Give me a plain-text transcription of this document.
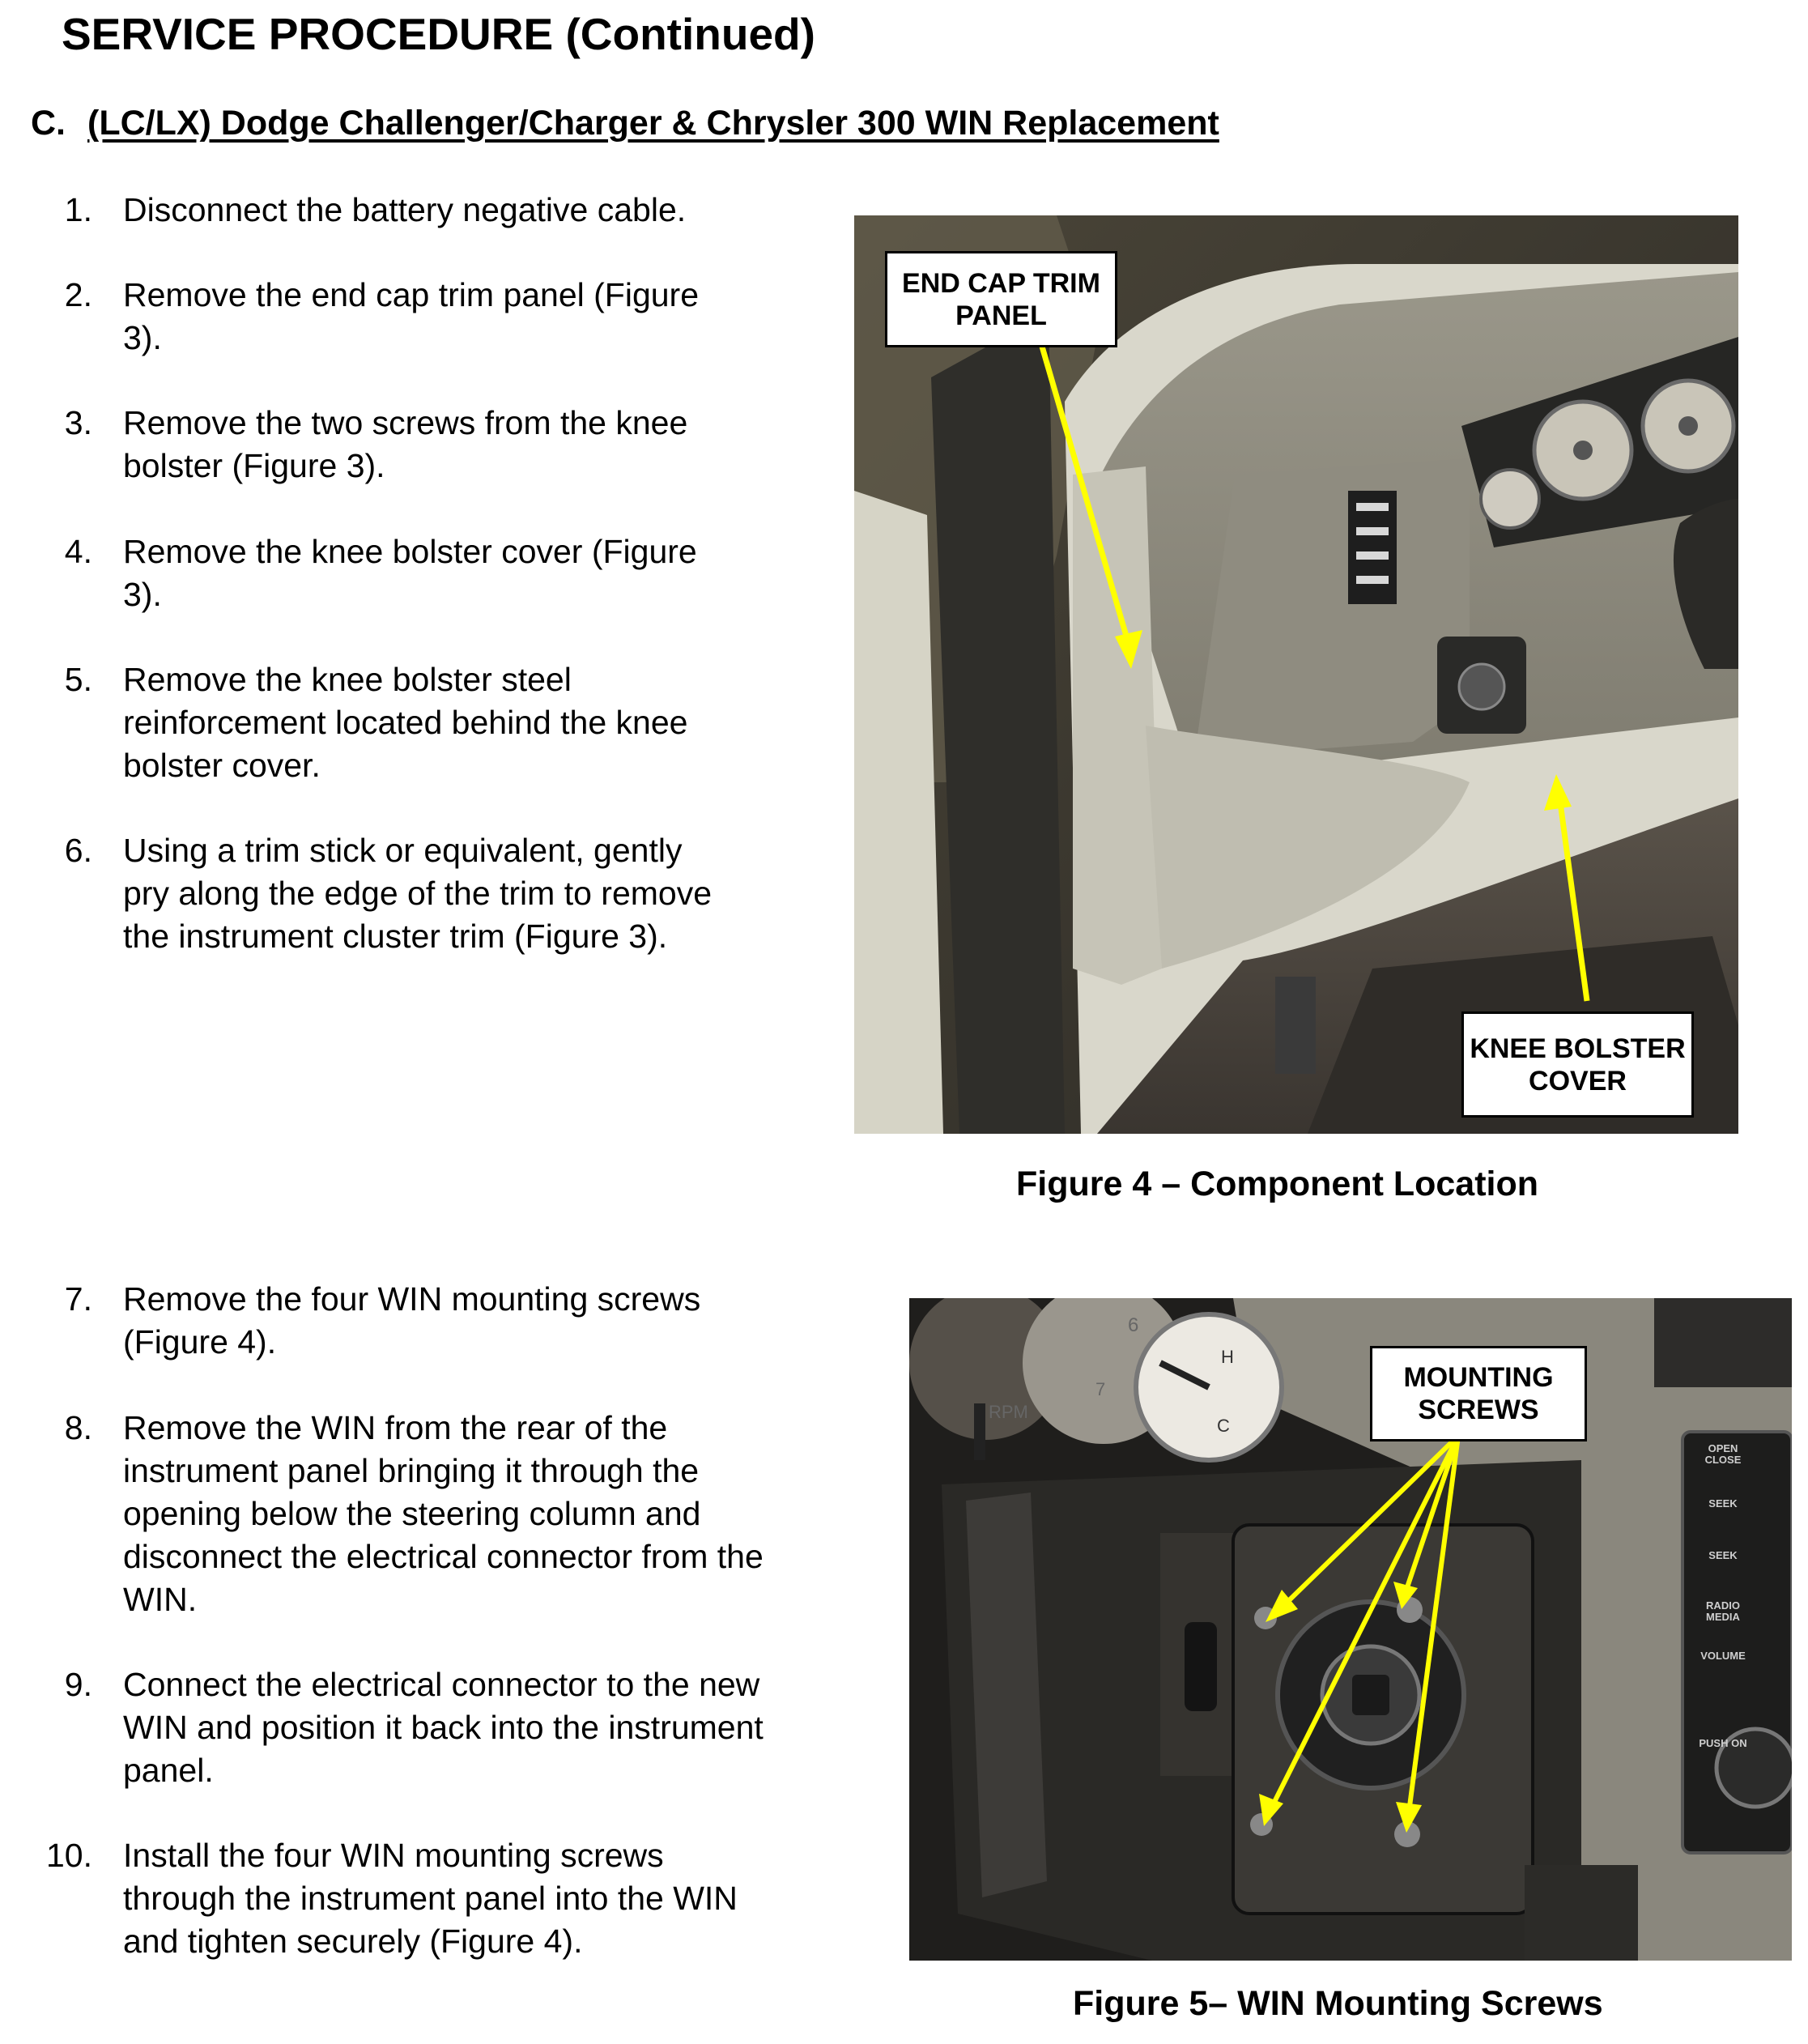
SERVICE PROCEDURE (Continued)
C. (LC/LX) Dodge Challenger/Charger & Chrysler 300 WIN Replacement
1. Disconnect the battery negative cable.
2. Remove the end cap trim panel (Figure
3).
3. Remove the two screws from the knee
bolster (Figure 3).
4. Remove the knee bolster cover (Figure
3).
5. Remove the knee bolster steel
reinforcement located behind the knee
bolster cover.
6. Using a trim stick or equivalent, gently
pry along the edge of the trim to remove
the instrument cluster trim (Figure 3).
7. Remove the four WIN mounting screws
(Figure 4).
8. Remove the WIN from the rear of the
instrument panel bringing it through the
opening below the steering column and
disconnect the electrical connector from the
WIN.
9. Connect the electrical connector to the new
WIN and position it back into the instrument
panel.
10. Install the four WIN mounting screws
through the instrument panel into the WIN
and tighten securely (Figure 4).
END CAP TRIM
PANEL
KNEE BOLSTER
COVER
Figure 4 – Component Location
RPM
6
7
H
C
OPEN
CLOSE
SEEK
SEEK
RADIO
MEDIA
VOLUME
PUSH ON
MOUNTING
SCREWS
Figure 5– WIN Mounting Screws
